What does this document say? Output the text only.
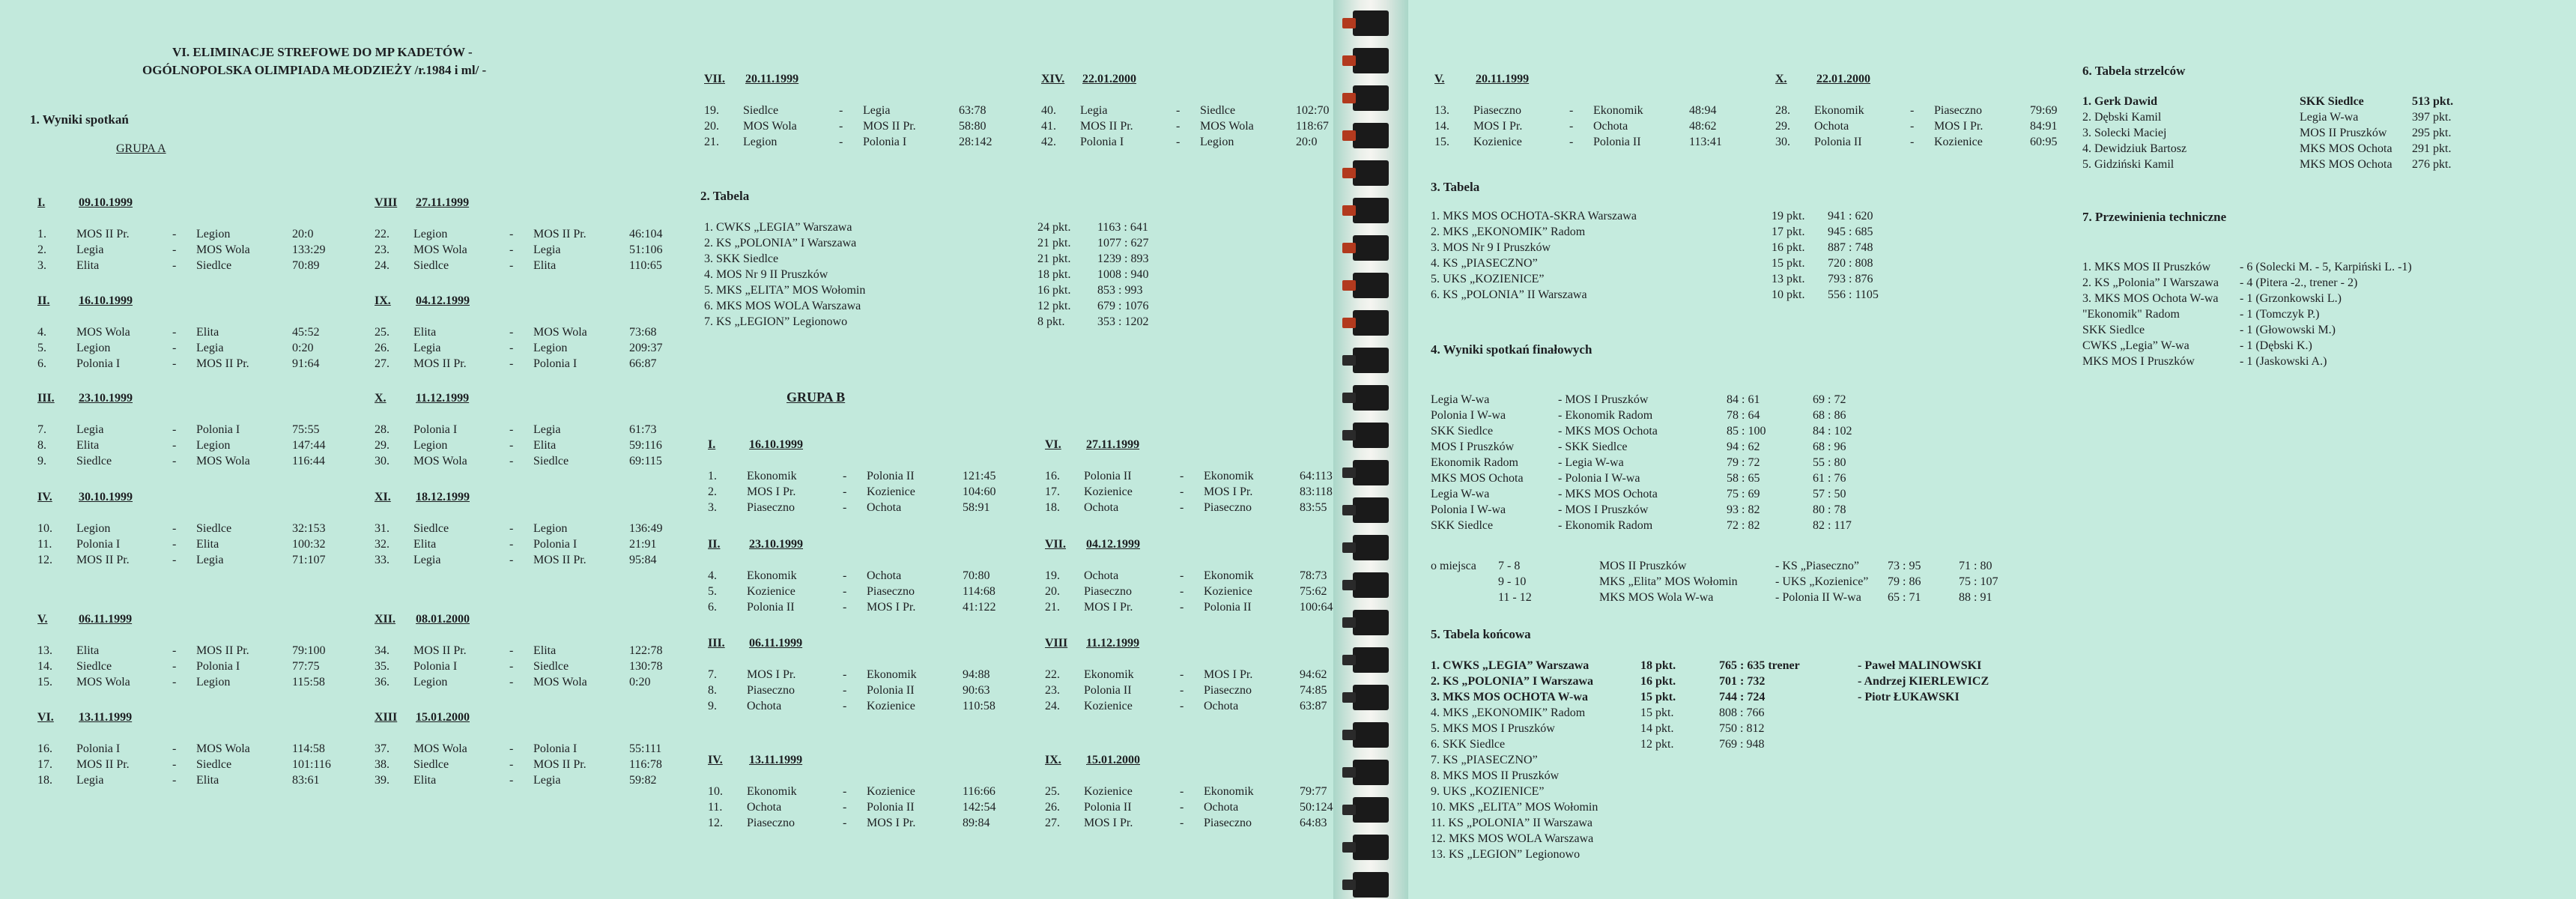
VI. ELIMINACJE STREFOWE DO MP KADETÓW -
OGÓLNOPOLSKA OLIMPIADA MŁODZIEŻY /r.1984 i ml/ -
1. Wyniki spotkań
GRUPA A
I.	09.10.1999
1.	MOS II Pr.	- Legion	20:0
2.	Legia	- MOS Wola	133:29
3.	Elita	- Siedlce	70:89
II. 16.10.1999
4.	MOS Wola	- Elita	45:52
5.	Legion	- Legia	0:20
6.	Polonia I	- MOS II Pr.	91:64
III. 23.10.1999
7.	Legia	- Polonia I	75:55
8.	Elita	- Legion	147:44
9.	Siedlce	- MOS Wola	116:44
IV. 30.10.1999
10. Legion	- Siedlce	32:153
11. Polonia I	- Elita	100:32
12. MOS II Pr.	- Legia	71:107
V.	06.11.1999
13. Elita	- MOS II Pr.	79:100
14. Siedlce	- Polonia I	77:75
15. MOS Wola	- Legion	115:58
VI. 13.11.1999
16. Polonia I	- MOS Wola	114:58
17. MOS II Pr.	- Siedlce	101:116
18. Legia	- Elita	83:61
VIII 27.11.1999
22. Legion	- MOS II Pr.	46:104
23. MOS Wola	- Legia	51:106
24. Siedlce	- Elita	110:65
IX. 04.12.1999
25. Elita	- MOS Wola	73:68
26. Legia	- Legion	209:37
27. MOS II Pr.	- Polonia I	66:87
X. 11.12.1999
28. Polonia I	- Legia	61:73
29. Legion	- Elita	59:116
30. MOS Wola	- Siedlce	69:115
XI. 18.12.1999
31. Siedlce	- Legion	136:49
32. Elita	- Polonia I	21:91
33. Legia	- MOS II Pr.	95:84
XII. 08.01.2000
34. MOS II Pr.	- Elita	122:78
35. Polonia I	- Siedlce	130:78
36. Legion	- MOS Wola	0:20
XIII 15.01.2000
37. MOS Wola	- Polonia I	55:111
38. Siedlce	- MOS II Pr.	116:78
39. Elita	- Legia	59:82
VII. 20.11.1999
19. Siedlce	- Legia	63:78
20. MOS Wola	- MOS II Pr.	58:80
21. Legion	- Polonia I	28:142
XIV. 22.01.2000
40. Legia	- Siedlce	102:70
41. MOS II Pr.	- MOS Wola	118:67
42. Polonia I	- Legion	20:0
2. Tabela
1. CWKS „LEGIA” Warszawa	24 pkt. 1163 : 641
2. KS „POLONIA” I Warszawa	21 pkt. 1077 : 627
3. SKK Siedlce	21 pkt. 1239 : 893
4. MOS Nr 9 II Pruszków	18 pkt. 1008 : 940
5. MKS „ELITA” MOS Wołomin	16 pkt. 853 : 993
6. MKS MOS WOLA Warszawa	12 pkt. 679 : 1076
7. KS „LEGION” Legionowo	8 pkt.	353 : 1202
GRUPA B
I.	16.10.1999
1.	Ekonomik	- Polonia II	121:45
2.	MOS I Pr.	- Kozienice	104:60
3.	Piaseczno	- Ochota	58:91
II. 23.10.1999
4.	Ekonomik	- Ochota	70:80
5.	Kozienice	- Piaseczno	114:68
6.	Polonia II	- MOS I Pr.	41:122
III. 06.11.1999
7.	MOS I Pr.	- Ekonomik	94:88
8.	Piaseczno	- Polonia II	90:63
9.	Ochota	- Kozienice	110:58
IV. 13.11.1999
10. Ekonomik	- Kozienice	116:66
11. Ochota	- Polonia II	142:54
12. Piaseczno	- MOS I Pr.	89:84
VI. 27.11.1999
16. Polonia II	- Ekonomik	64:113
17. Kozienice	- MOS I Pr.	83:118
18. Ochota	- Piaseczno	83:55
VII. 04.12.1999
19. Ochota	- Ekonomik	78:73
20. Piaseczno	- Kozienice	75:62
21. MOS I Pr.	- Polonia II	100:64
VIII 11.12.1999
22. Ekonomik	- MOS I Pr.	94:62
23. Polonia II	- Piaseczno	74:85
24. Kozienice	- Ochota	63:87
IX. 15.01.2000
25. Kozienice	- Ekonomik	79:77
26. Polonia II	- Ochota	50:124
27. MOS I Pr.	- Piaseczno	64:83
V.	20.11.1999
13. Piaseczno	- Ekonomik	48:94
14. MOS I Pr.	- Ochota	48:62
15. Kozienice	- Polonia II	113:41
X. 22.01.2000
28. Ekonomik	- Piaseczno	79:69
29. Ochota	- MOS I Pr.	84:91
30. Polonia II	- Kozienice	60:95
3. Tabela
1. MKS MOS OCHOTA-SKRA Warszawa	19 pkt. 941 : 620
2. MKS „EKONOMIK” Radom	17 pkt. 945 : 685
3. MOS Nr 9 I Pruszków	16 pkt. 887 : 748
4. KS „PIASECZNO”	15 pkt. 720 : 808
5. UKS „KOZIENICE”	13 pkt. 793 : 876
6. KS „POLONIA” II Warszawa	10 pkt. 556 : 1105
4. Wyniki spotkań finałowych
Legia W-wa	- MOS I Pruszków	84 : 61	69 : 72
Polonia I W-wa	- Ekonomik Radom	78 : 64	68 : 86
SKK Siedlce	- MKS MOS Ochota	85 : 100	84 : 102
MOS I Pruszków	- SKK Siedlce	94 : 62	68 : 96
Ekonomik Radom	- Legia W-wa	79 : 72	55 : 80
MKS MOS Ochota	- Polonia I W-wa	58 : 65	61 : 76
Legia W-wa	- MKS MOS Ochota	75 : 69	57 : 50
Polonia I W-wa	- MOS I Pruszków	93 : 82	80 : 78
SKK Siedlce	- Ekonomik Radom	72 : 82	82 : 117
o miejsca 7 - 8	MOS II Pruszków	- KS „Piaseczno” 73 : 95	71 : 80
9 - 10	MKS „Elita” MOS Wołomin	- UKS „Kozienice” 79 : 86	75 : 107
11 - 12	MKS MOS Wola W-wa	- Polonia II W-wa 65 : 71	88 : 91
5. Tabela końcowa
1. CWKS „LEGIA” Warszawa	18 pkt.	765 : 635 trener	- Paweł MALINOWSKI
2. KS „POLONIA” I Warszawa	16 pkt.	701 : 732	- Andrzej KIERLEWICZ
3. MKS MOS OCHOTA W-wa	15 pkt.	744 : 724	- Piotr ŁUKAWSKI
4. MKS „EKONOMIK” Radom	15 pkt.	808 : 766
5. MKS MOS I Pruszków	14 pkt.	750 : 812
6. SKK Siedlce	12 pkt.	769 : 948
7. KS „PIASECZNO”
8. MKS MOS II Pruszków
9. UKS „KOZIENICE”
10. MKS „ELITA” MOS Wołomin
11. KS „POLONIA” II Warszawa
12. MKS MOS WOLA Warszawa
13. KS „LEGION” Legionowo
6. Tabela strzelców
1. Gerk Dawid	SKK Siedlce	513 pkt.
2. Dębski Kamil	Legia W-wa	397 pkt.
3. Solecki Maciej	MOS II Pruszków 295 pkt.
4. Dewidziuk Bartosz	MKS MOS Ochota 291 pkt.
5. Gidziński Kamil	MKS MOS Ochota 276 pkt.
7. Przewinienia techniczne
1. MKS MOS II Pruszków - 6 (Solecki M. - 5, Karpiński L. -1)
2. KS „Polonia” I Warszawa - 4 (Pitera -2., trener - 2)
3. MKS MOS Ochota W-wa - 1 (Grzonkowski L.)
"Ekonomik" Radom	- 1 (Tomczyk P.)
SKK Siedlce	- 1 (Głowowski M.)
CWKS „Legia” W-wa	- 1 (Dębski K.)
MKS MOS I Pruszków	- 1 (Jaskowski A.)
